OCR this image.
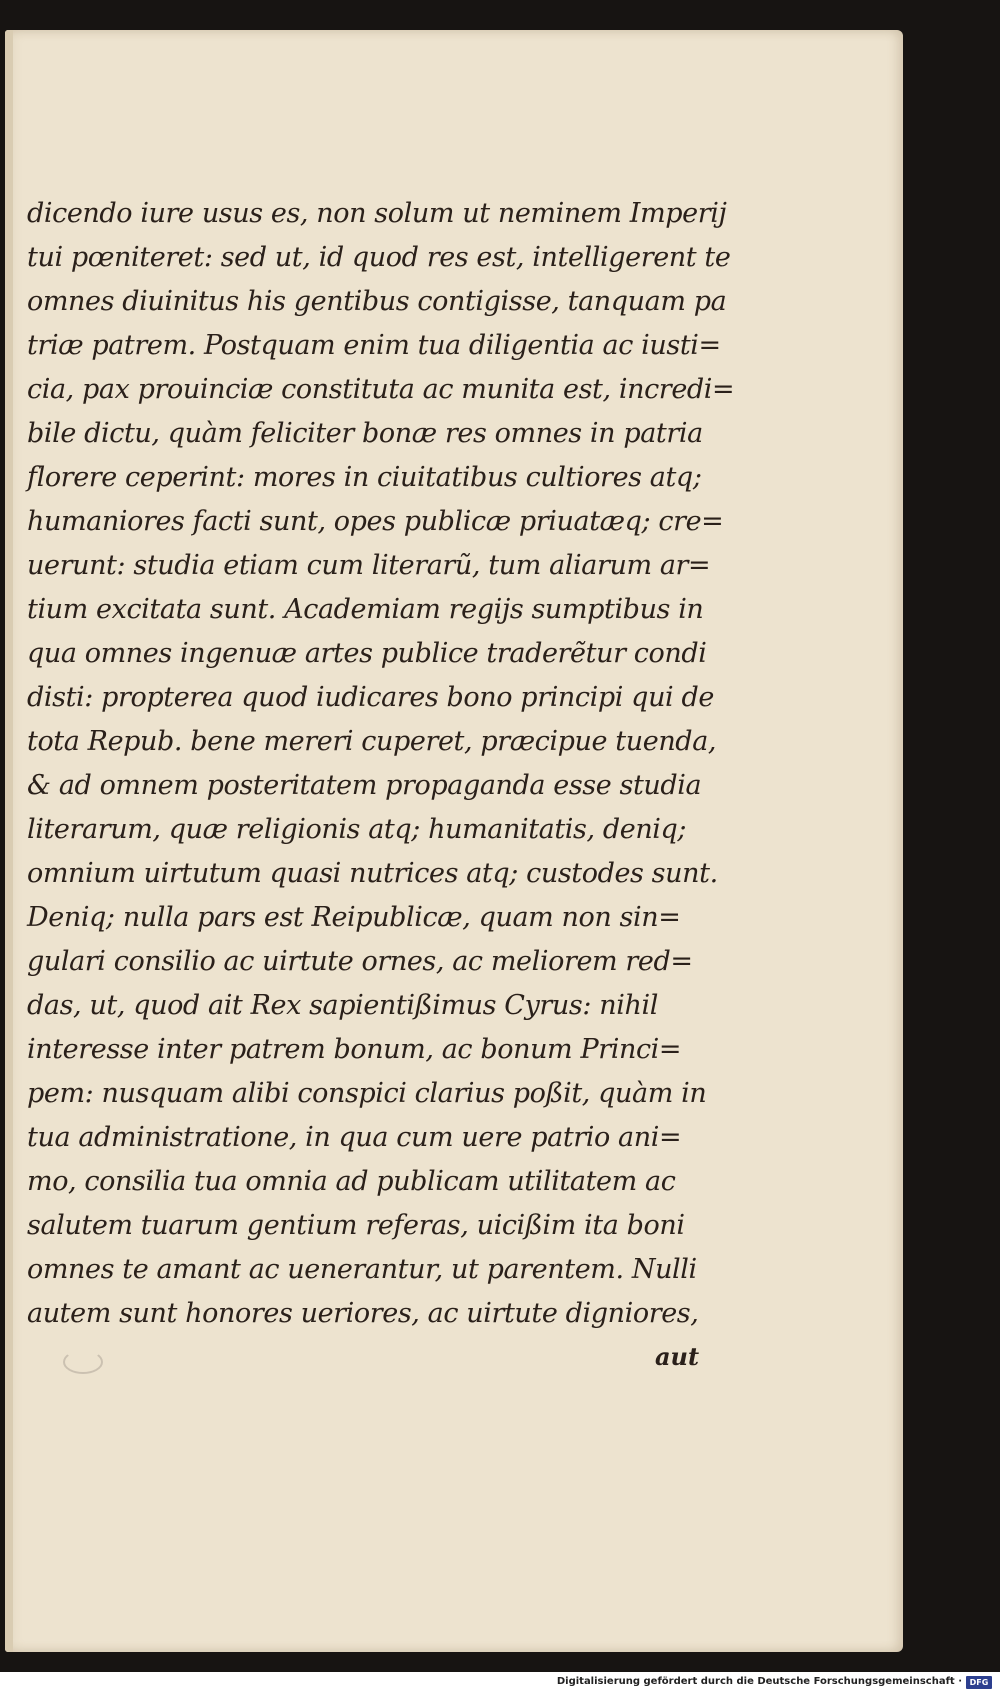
dicendo iure usus es, non solum ut neminem Imperij
tui pœniteret: sed ut, id quod res est, intelligerent te
omnes diuinitus his gentibus contigisse, tanquam pa
triæ patrem. Postquam enim tua diligentia ac iusti=
cia, pax prouinciæ constituta ac munita est, incredi=
bile dictu, quàm feliciter bonæ res omnes in patria
florere ceperint: mores in ciuitatibus cultiores atq;
humaniores facti sunt, opes publicæ priuatæq; cre=
uerunt: studia etiam cum literarũ, tum aliarum ar=
tium excitata sunt. Academiam regijs sumptibus in
qua omnes ingenuæ artes publice traderẽtur condi
disti: propterea quod iudicares bono principi qui de
tota Repub. bene mereri cuperet, præcipue tuenda,
& ad omnem posteritatem propaganda esse studia
literarum, quæ religionis atq; humanitatis, deniq;
omnium uirtutum quasi nutrices atq; custodes sunt.
Deniq; nulla pars est Reipublicæ, quam non sin=
gulari consilio ac uirtute ornes, ac meliorem red=
das, ut, quod ait Rex sapientißimus Cyrus: nihil
interesse inter patrem bonum, ac bonum Princi=
pem: nusquam alibi conspici clarius poßit, quàm in
tua administratione, in qua cum uere patrio ani=
mo, consilia tua omnia ad publicam utilitatem ac
salutem tuarum gentium referas, uicißim ita boni
omnes te amant ac uenerantur, ut parentem. Nulli
autem sunt honores ueriores, ac uirtute digniores,
aut
Digitalisierung gefördert durch die Deutsche Forschungsgemeinschaft · DFG
